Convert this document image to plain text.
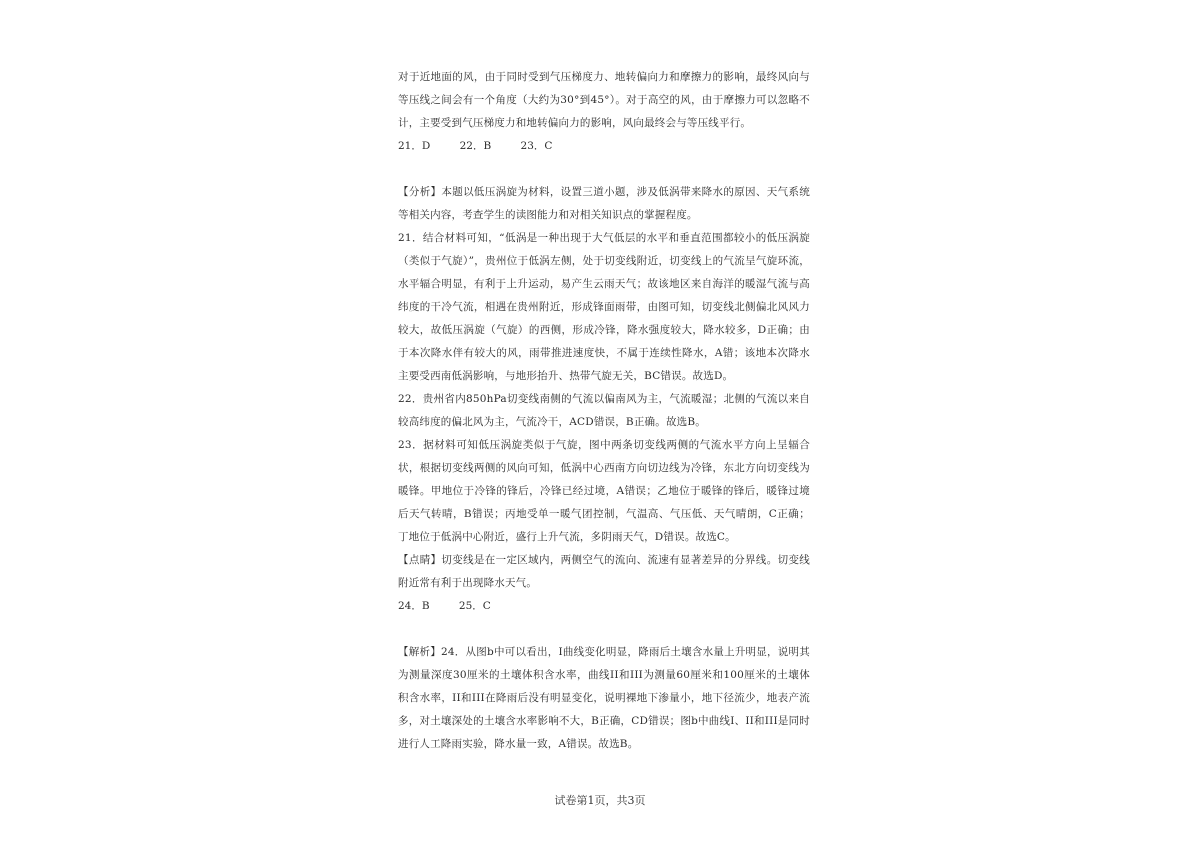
对于近地面的风，由于同时受到气压梯度力、地转偏向力和摩擦力的影响，最终风向与等压线之间会有一个角度（大约为30°到45°）。对于高空的风，由于摩擦力可以忽略不计，主要受到气压梯度力和地转偏向力的影响，风向最终会与等压线平行。

21．D	22．B	23．C

【分析】本题以低压涡旋为材料，设置三道小题，涉及低涡带来降水的原因、天气系统等相关内容，考查学生的读图能力和对相关知识点的掌握程度。

21．结合材料可知，“低涡是一种出现于大气低层的水平和垂直范围都较小的低压涡旋（类似于气旋）”，贵州位于低涡左侧，处于切变线附近，切变线上的气流呈气旋环流，水平辐合明显，有利于上升运动，易产生云雨天气；故该地区来自海洋的暖湿气流与高纬度的干冷气流，相遇在贵州附近，形成锋面雨带，由图可知，切变线北侧偏北风风力较大，故低压涡旋（气旋）的西侧，形成冷锋，降水强度较大，降水较多，D正确；由于本次降水伴有较大的风，雨带推进速度快，不属于连续性降水，A错；该地本次降水主要受西南低涡影响，与地形抬升、热带气旋无关，BC错误。故选D。

22．贵州省内850hPa切变线南侧的气流以偏南风为主，气流暖湿；北侧的气流以来自较高纬度的偏北风为主，气流冷干，ACD错误，B正确。故选B。

23．据材料可知低压涡旋类似于气旋，图中两条切变线两侧的气流水平方向上呈辐合状，根据切变线两侧的风向可知，低涡中心西南方向切边线为冷锋，东北方向切变线为暖锋。甲地位于冷锋的锋后，冷锋已经过境，A错误；乙地位于暖锋的锋后，暖锋过境后天气转晴，B错误；丙地受单一暖气团控制，气温高、气压低、天气晴朗，C正确；丁地位于低涡中心附近，盛行上升气流，多阴雨天气，D错误。故选C。

【点睛】切变线是在一定区域内，两侧空气的流向、流速有显著差异的分界线。切变线附近常有利于出现降水天气。

24．B	25．C

【解析】24．从图b中可以看出，I曲线变化明显，降雨后土壤含水量上升明显，说明其为测量深度30厘米的土壤体积含水率，曲线II和III为测量60厘米和100厘米的土壤体积含水率，II和III在降雨后没有明显变化，说明裸地下渗量小，地下径流少，地表产流多，对土壤深处的土壤含水率影响不大，B正确，CD错误；图b中曲线I、II和III是同时进行人工降雨实验，降水量一致，A错误。故选B。

试卷第1页，共3页
